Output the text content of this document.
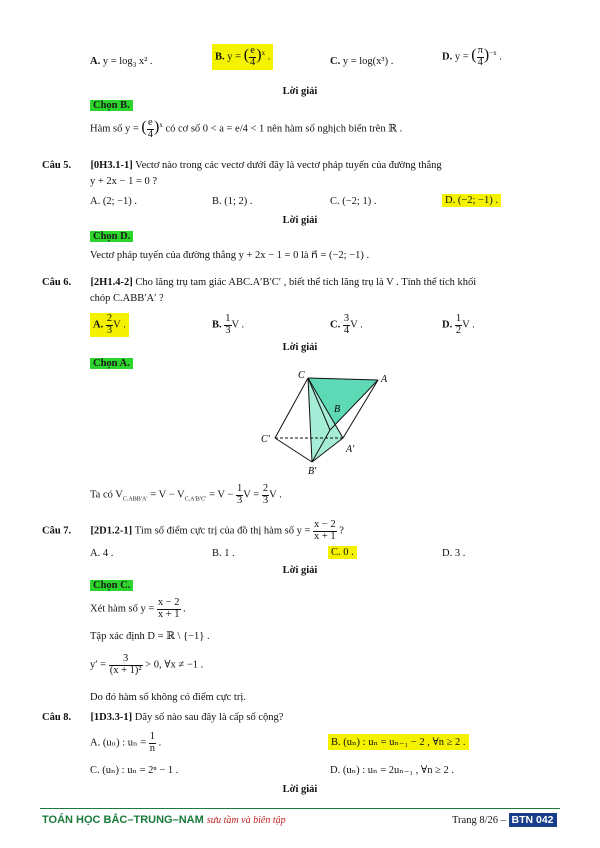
A. $y = \log_3 x^2$ .	B. y = ( $\frac{e}{4} )^x$ .	C. y = log(x³) .	D. y = ( $\frac{\pi}{4} )^{-x}$ .
Lời giải
Chọn B.
Hàm số y = ( $\frac{e}{4} )^x$ có cơ số 0 < a = e/4 < 1 nên hàm số nghịch biến trên ℝ .
Câu 5. [0H3.1-1] Vectơ nào trong các vectơ dưới đây là vectơ pháp tuyến của đường thẳng
y + 2x − 1 = 0 ?
A. (2; −1) .	B. (1; 2) .	C. (−2; 1) .	D. (−2; −1) .
Lời giải
Chọn D.
Vectơ pháp tuyến của đường thẳng y + 2x − 1 = 0 là n⃗ = (−2; −1) .
Câu 6. [2H1.4-2] Cho lăng trụ tam giác ABC.A′B′C′ , biết thể tích lăng trụ là V . Tính thể tích khối
chóp C.ABB′A′ ?
A. $\frac{2}{3}$ V .	B. $\frac{1}{3}$ V .	C. $\frac{3}{4}$ V .	D. $\frac{1}{2}$ V .
Lời giải
Chọn A.
C	A
B
C′
A′
B′
Ta có $V_{C.ABB'A'} = V - V_{C.A'B'C'} = V - \frac{1}{3}$ $V = \frac{2}{3}$ V .
Câu 7. [2D1.2-1] Tìm số điểm cực trị của đồ thị hàm số $y = \frac{x - 2}{x + 1}$ ?
A. 4 .	B. 1 .	C. 0 .	D. 3 .
Lời giải
Chọn C.
Xét hàm số $y = \frac{x - 2}{x + 1}$ .
Tập xác định D = ℝ \ {−1} .
$y' = \frac{3}{\text{(x + 1)²}} > 0$, ∀x ≠ −1 .
Do đó hàm số không có điểm cực trị.
Câu 8. [1D3.3-1] Dãy số nào sau đây là cấp số cộng?
A. (uₙ) : $u_n = \frac{1}{n}$ .	B. (uₙ) : uₙ = uₙ₋₁ − 2 , ∀n ≥ 2 .
C. (uₙ) : uₙ = 2ⁿ − 1 .	D. (uₙ) : uₙ = 2uₙ₋₁ , ∀n ≥ 2 .
Lời giải
TOÁN HỌC BẮC–TRUNG–NAM sưu tầm và biên tập	Trang 8/26 – BTN 042
